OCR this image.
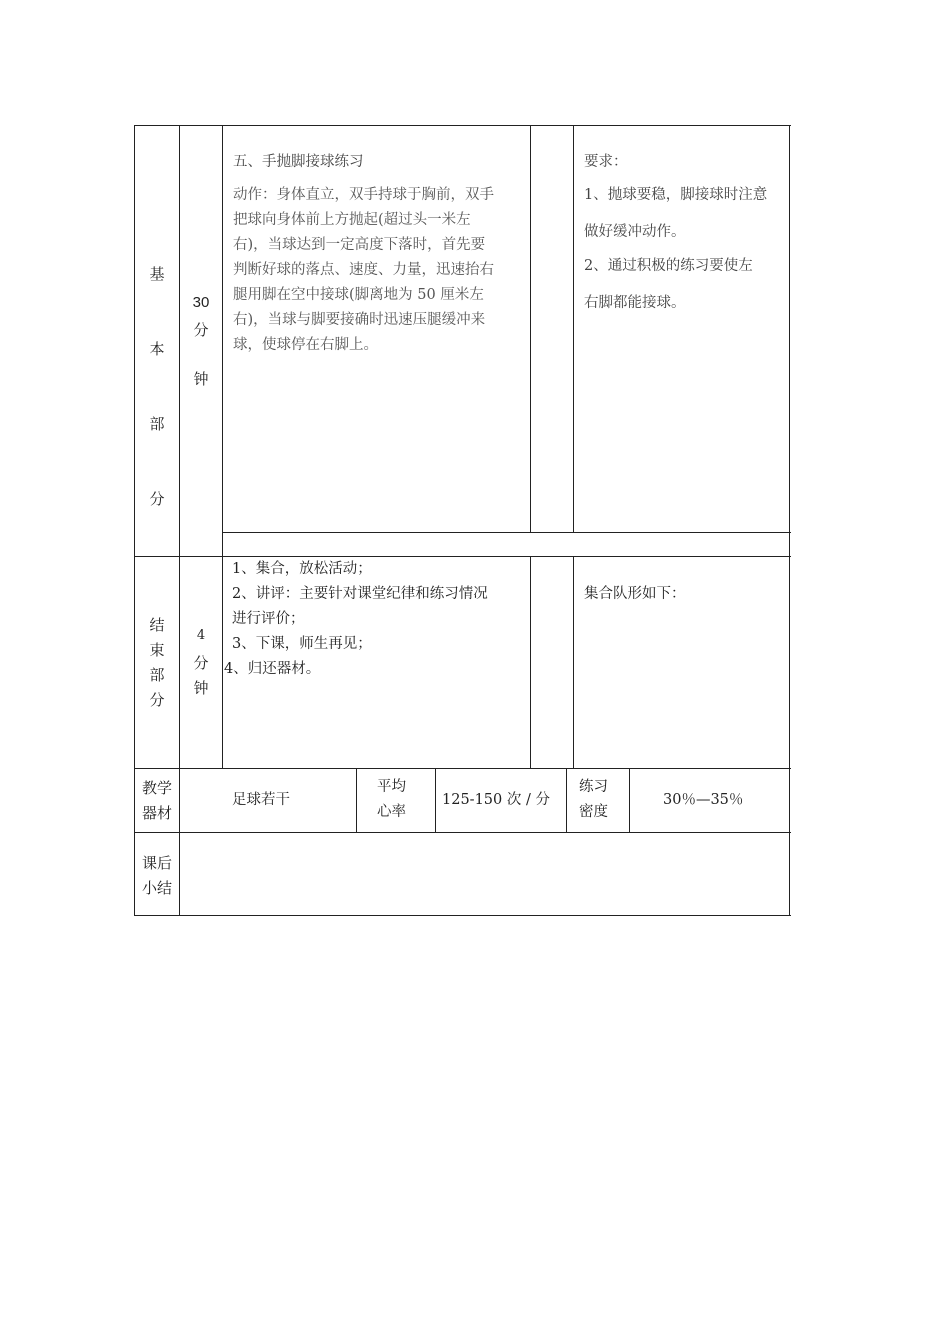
基
本
部
分
30
分
钟
五、手抛脚接球练习
动作：身体直立，双手持球于胸前，双手
把球向身体前上方抛起(超过头一米左
右)，当球达到一定高度下落时，首先要
判断好球的落点、速度、力量，迅速抬右
腿用脚在空中接球(脚离地为 50 厘米左
右)，当球与脚要接确时迅速压腿缓冲来
球，使球停在右脚上。
要求：
1、抛球要稳，脚接球时注意
做好缓冲动作。
2、通过积极的练习要使左
右脚都能接球。
结
束
部
分
4
分
钟
1、集合，放松活动；
2、讲评：主要针对课堂纪律和练习情况
进行评价；
3、下课，师生再见；
4、归还器材。
集合队形如下：
教学
器材
足球若干
平均
心率
125-150 次 / 分
练习
密度
30％—35％
课后
小结
